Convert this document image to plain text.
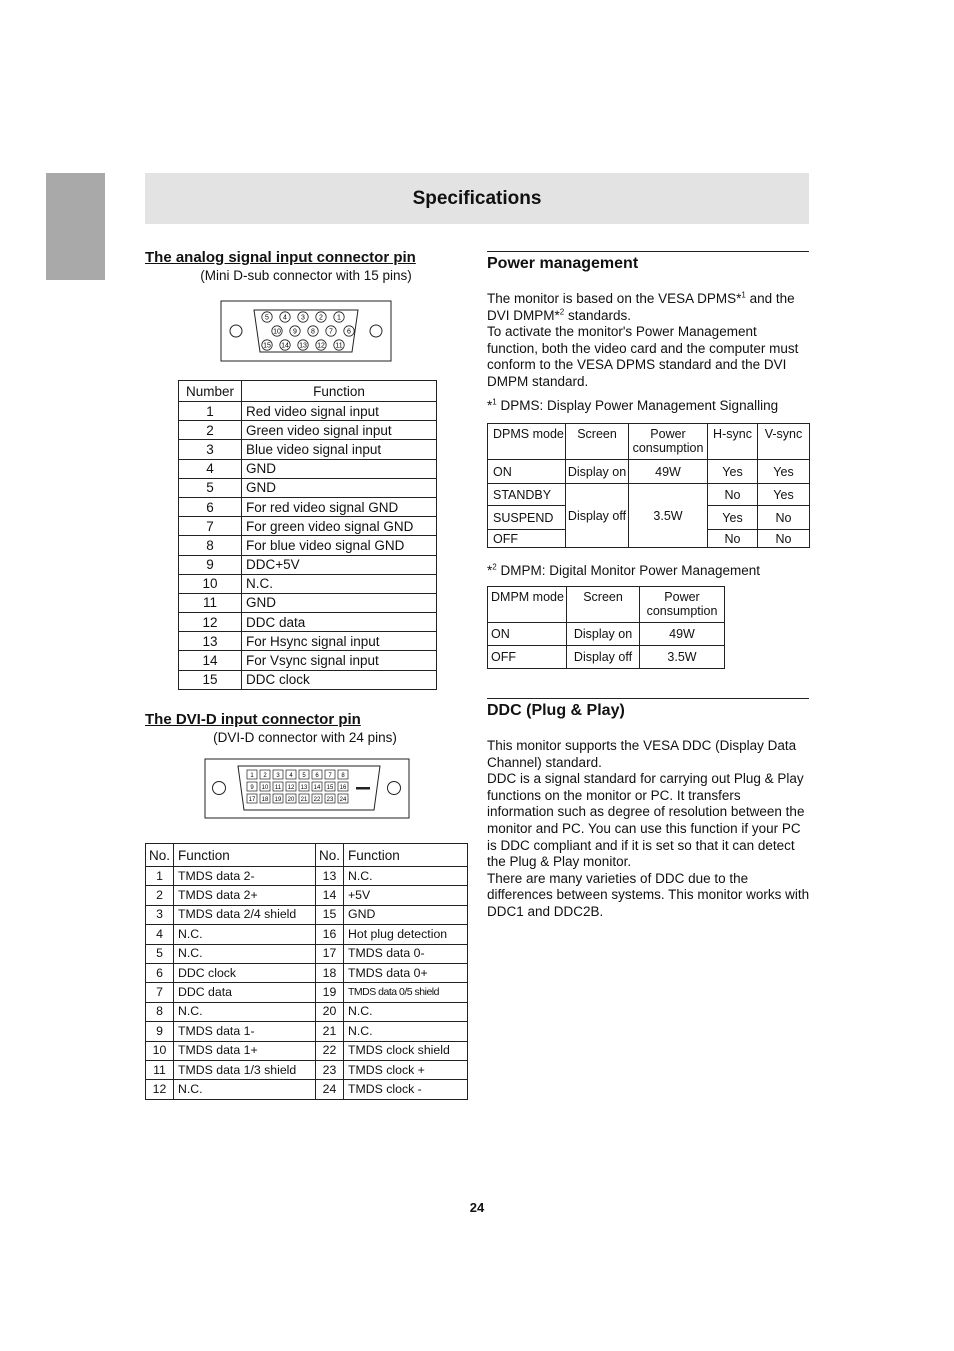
Specifications
The analog signal input connector pin
(Mini D-sub connector with 15 pins)
5 4 3 2 1
10 9 8 7 6
15 14 13 12 11
Number	Function
1	Red video signal input
2	Green video signal input
3	Blue video signal input
4	GND
5	GND
6	For red video signal GND
7	For green video signal GND
8	For blue video signal GND
9	DDC+5V
10	N.C.
11	GND
12	DDC data
13	For Hsync signal input
14	For Vsync signal input
15	DDC clock
The DVI-D input connector pin
(DVI-D connector with 24 pins)
1 2 3 4 5 6 7 8
9 10 11 12 13 14 15 16
17 18 19 20 21 22 23 24
No.	Function	No.	Function
1	TMDS data 2-	13	N.C.
2	TMDS data 2+	14	+5V
3	TMDS data 2/4 shield	15	GND
4	N.C.	16	Hot plug detection
5	N.C.	17	TMDS data 0-
6	DDC clock	18	TMDS data 0+
7	DDC data	19	TMDS data 0/5 shield
8	N.C.	20	N.C.
9	TMDS data 1-	21	N.C.
10	TMDS data 1+	22	TMDS clock shield
11	TMDS data 1/3 shield	23	TMDS clock +
12	N.C.	24	TMDS clock -
Power management

The monitor is based on the VESA DPMS*$^1$ and the DVI DMPM*$^2$ standards.

To activate the monitor's Power Management function, both the video card and the computer must conform to the VESA DPMS standard and the DVI DMPM standard.

*$^1$ DPMS: Display Power Management Signalling
DPMS mode	Screen	Power consumption	H-sync	V-sync
ON	Display on	49W	Yes	Yes
STANDBY	Display off	3.5W	No	Yes
SUSPEND			Yes	No
OFF			No	No
*$^2$ DMPM: Digital Monitor Power Management
DMPM mode	Screen	Power consumption
ON	Display on	49W
OFF	Display off	3.5W
DDC (Plug & Play)

This monitor supports the VESA DDC (Display Data Channel) standard.

DDC is a signal standard for carrying out Plug & Play functions on the monitor or PC. It transfers information such as degree of resolution between the monitor and PC. You can use this function if your PC is DDC compliant and if it is set so that it can detect the Plug & Play monitor.

There are many varieties of DDC due to the differences between systems. This monitor works with DDC1 and DDC2B.

24
